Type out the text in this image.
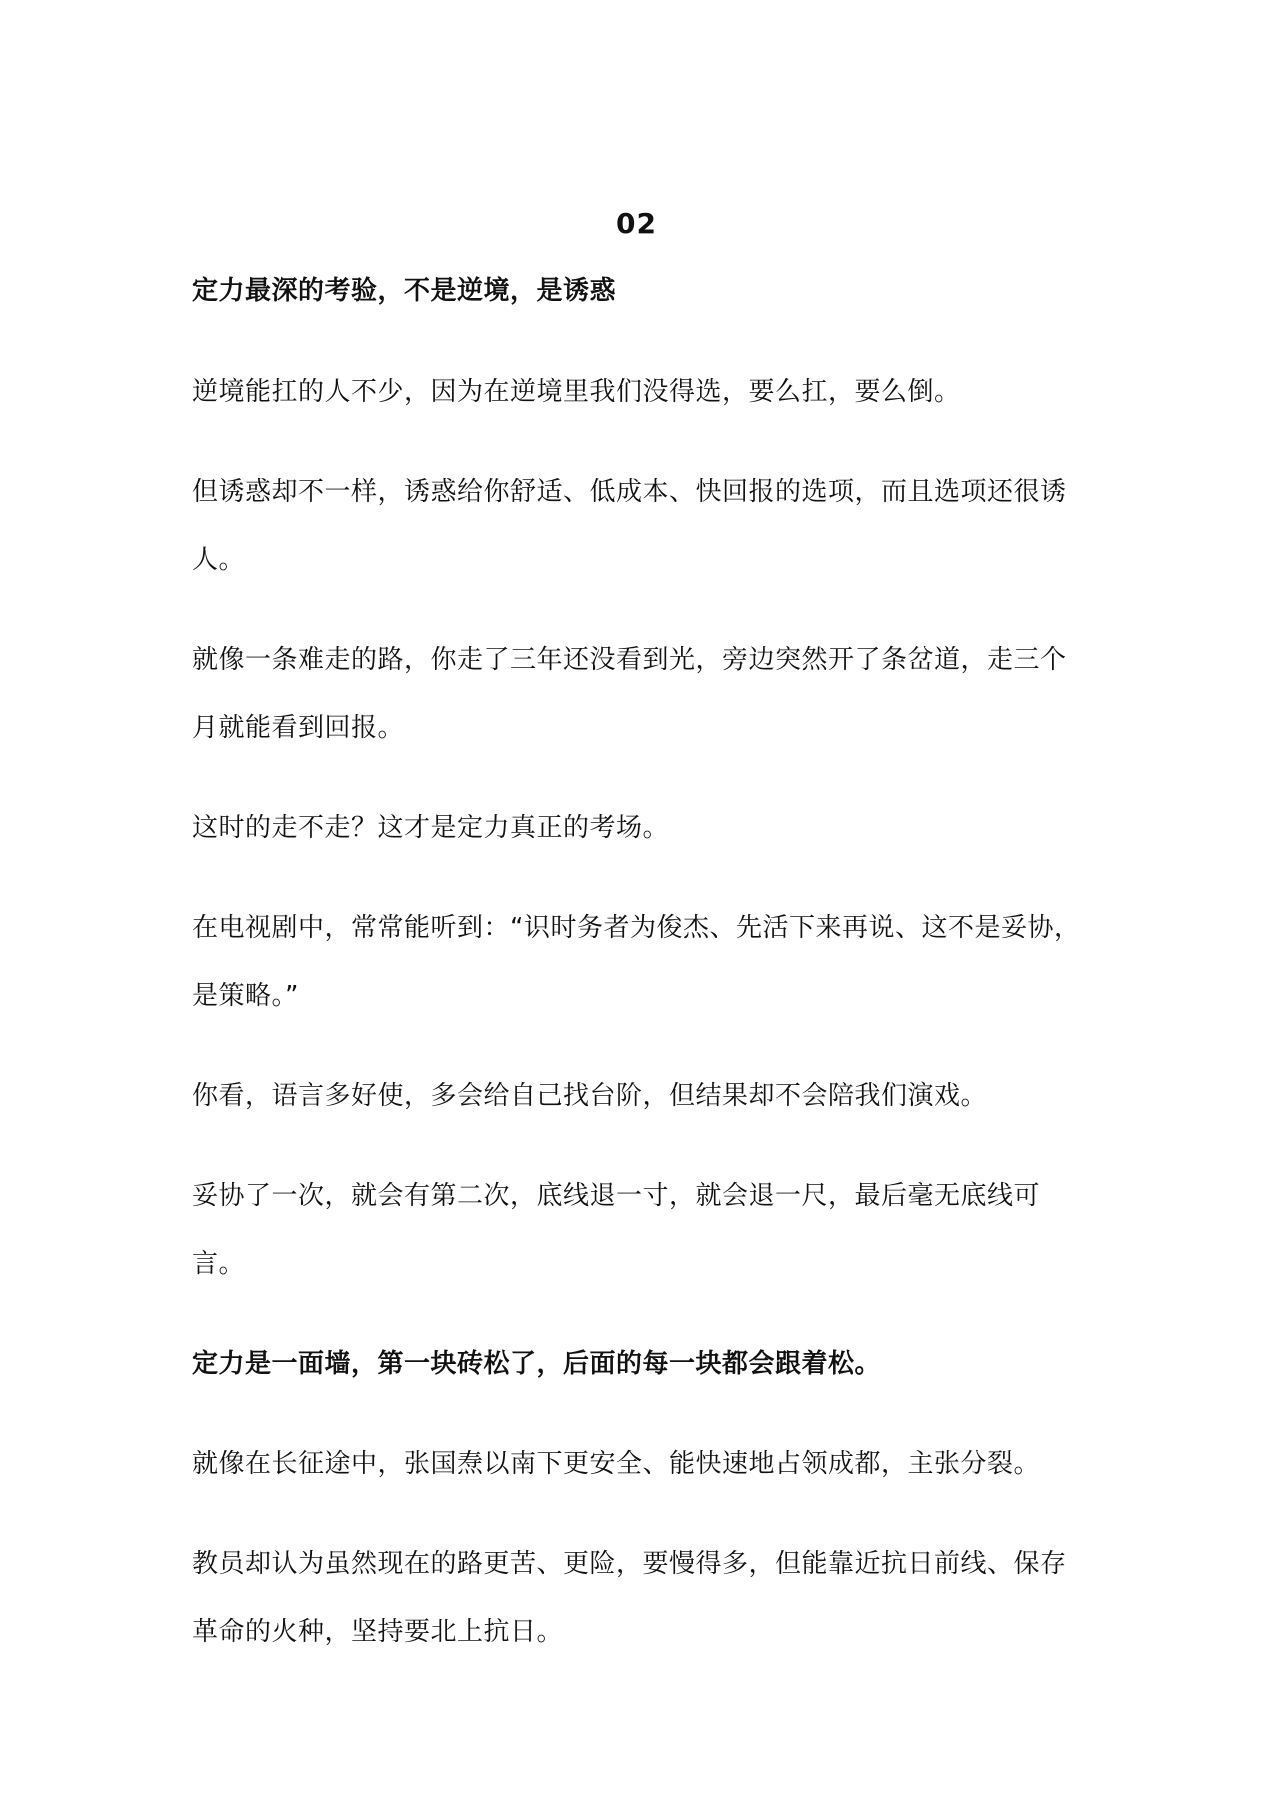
02

定力最深的考验，不是逆境，是诱惑

逆境能扛的人不少，因为在逆境里我们没得选，要么扛，要么倒。

但诱惑却不一样，诱惑给你舒适、低成本、快回报的选项，而且选项还很诱人。

就像一条难走的路，你走了三年还没看到光，旁边突然开了条岔道，走三个月就能看到回报。

这时的走不走？这才是定力真正的考场。

在电视剧中，常常能听到：“识时务者为俊杰、先活下来再说、这不是妥协，是策略。”

你看，语言多好使，多会给自己找台阶，但结果却不会陪我们演戏。

妥协了一次，就会有第二次，底线退一寸，就会退一尺，最后毫无底线可言。

定力是一面墙，第一块砖松了，后面的每一块都会跟着松。

就像在长征途中，张国焘以南下更安全、能快速地占领成都，主张分裂。

教员却认为虽然现在的路更苦、更险，要慢得多，但能靠近抗日前线、保存革命的火种，坚持要北上抗日。
